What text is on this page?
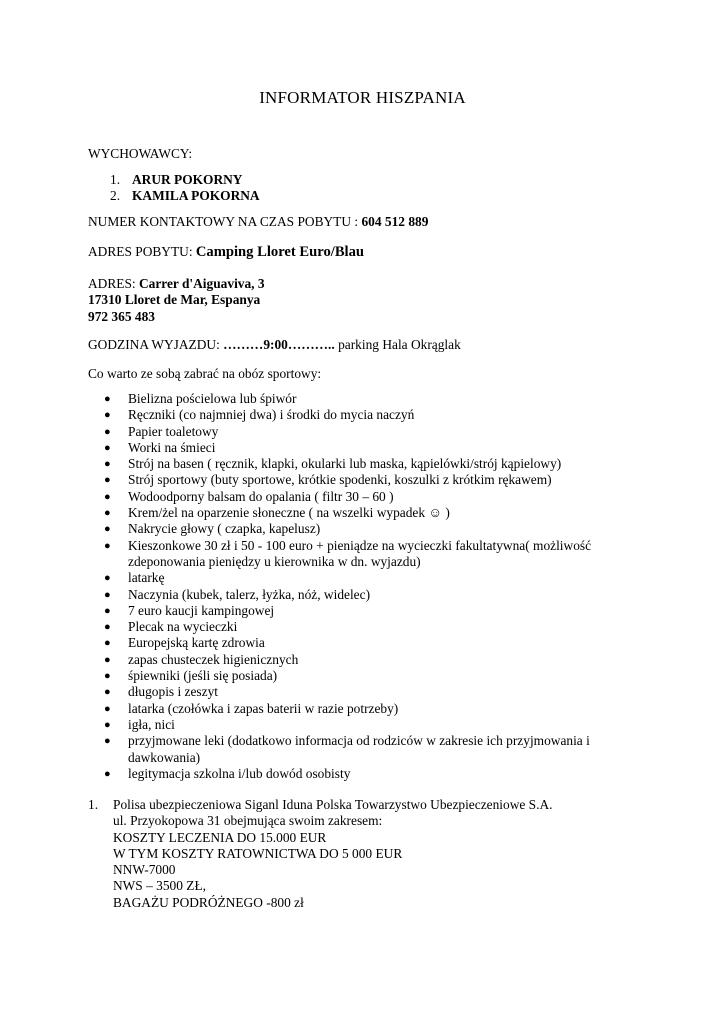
INFORMATOR HISZPANIA

WYCHOWAWCY:

1. ARUR POKORNY
2. KAMILA POKORNA

NUMER KONTAKTOWY NA CZAS POBYTU : 604 512 889

ADRES POBYTU: Camping Lloret Euro/Blau

ADRES: Carrer d'Aiguaviva, 3

17310 Lloret de Mar, Espanya

972 365 483

GODZINA WYJAZDU: ………9:00……….. parking Hala Okrąglak

Co warto ze sobą zabrać na obóz sportowy:

●	Bielizna pościelowa lub śpiwór
●	Ręczniki (co najmniej dwa) i środki do mycia naczyń
●	Papier toaletowy
●	Worki na śmieci
●	Strój na basen ( ręcznik, klapki, okularki lub maska, kąpielówki/strój kąpielowy)
●	Strój sportowy (buty sportowe, krótkie spodenki, koszulki z krótkim rękawem)
●	Wodoodporny balsam do opalania ( filtr 30 – 60 )
●	Krem/żel na oparzenie słoneczne ( na wszelki wypadek ☺ )
●	Nakrycie głowy ( czapka, kapelusz)
●	Kieszonkowe 30 zł i 50 - 100 euro + pieniądze na wycieczki fakultatywna( możliwość zdeponowania pieniędzy u kierownika w dn. wyjazdu)
●	latarkę
●	Naczynia (kubek, talerz, łyżka, nóż, widelec)
●	7 euro kaucji kampingowej
●	Plecak na wycieczki
●	Europejską kartę zdrowia
●	zapas chusteczek higienicznych
●	śpiewniki (jeśli się posiada)
●	długopis i zeszyt
●	latarka (czołówka i zapas baterii w razie potrzeby)
●	igła, nici
●	przyjmowane leki (dodatkowo informacja od rodziców w zakresie ich przyjmowania i dawkowania)
●	legitymacja szkolna i/lub dowód osobisty
1.	Polisa ubezpieczeniowa Siganl Iduna Polska Towarzystwo Ubezpieczeniowe S.A.

ul. Przyokopowa 31 obejmująca swoim zakresem:

KOSZTY LECZENIA DO 15.000 EUR

W TYM KOSZTY RATOWNICTWA DO 5 000 EUR

NNW-7000

NWS – 3500 ZŁ,

BAGAŻU PODRÓŻNEGO -800 zł
